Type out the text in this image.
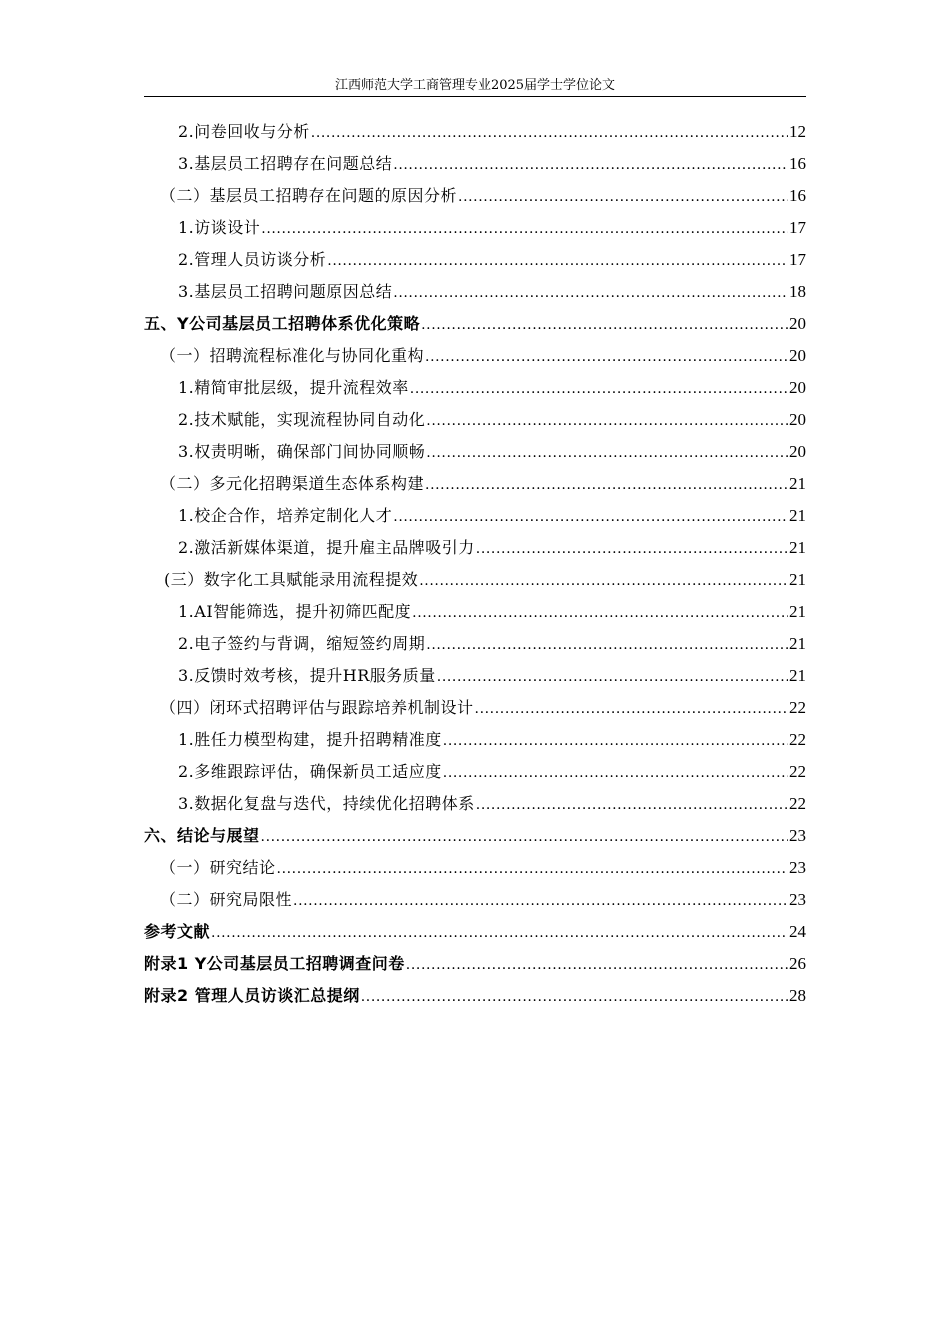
江西师范大学工商管理专业2025届学士学位论文
2.问卷回收与分析 .....	12
3.基层员工招聘存在问题总结 .....	16
（二）基层员工招聘存在问题的原因分析 .....	16
1.访谈设计 .....	17
2.管理人员访谈分析 .....	17
3.基层员工招聘问题原因总结 .....	18
五、Y公司基层员工招聘体系优化策略 .....	20
（一）招聘流程标准化与协同化重构 .....	20
1.精简审批层级，提升流程效率 .....	20
2.技术赋能，实现流程协同自动化 .....	20
3.权责明晰，确保部门间协同顺畅 .....	20
（二）多元化招聘渠道生态体系构建 .....	21
1.校企合作，培养定制化人才 .....	21
2.激活新媒体渠道，提升雇主品牌吸引力 .....	21
(三）数字化工具赋能录用流程提效 .....	21
1.AI智能筛选，提升初筛匹配度 .....	21
2.电子签约与背调，缩短签约周期 .....	21
3.反馈时效考核，提升HR服务质量 .....	21
（四）闭环式招聘评估与跟踪培养机制设计 .....	22
1.胜任力模型构建，提升招聘精准度 .....	22
2.多维跟踪评估，确保新员工适应度 .....	22
3.数据化复盘与迭代，持续优化招聘体系 .....	22
六、结论与展望 .....	23
（一）研究结论 .....	23
（二）研究局限性 .....	23
参考文献 .....	24
附录1 Y公司基层员工招聘调查问卷 .....	26
附录2 管理人员访谈汇总提纲 .....	28
